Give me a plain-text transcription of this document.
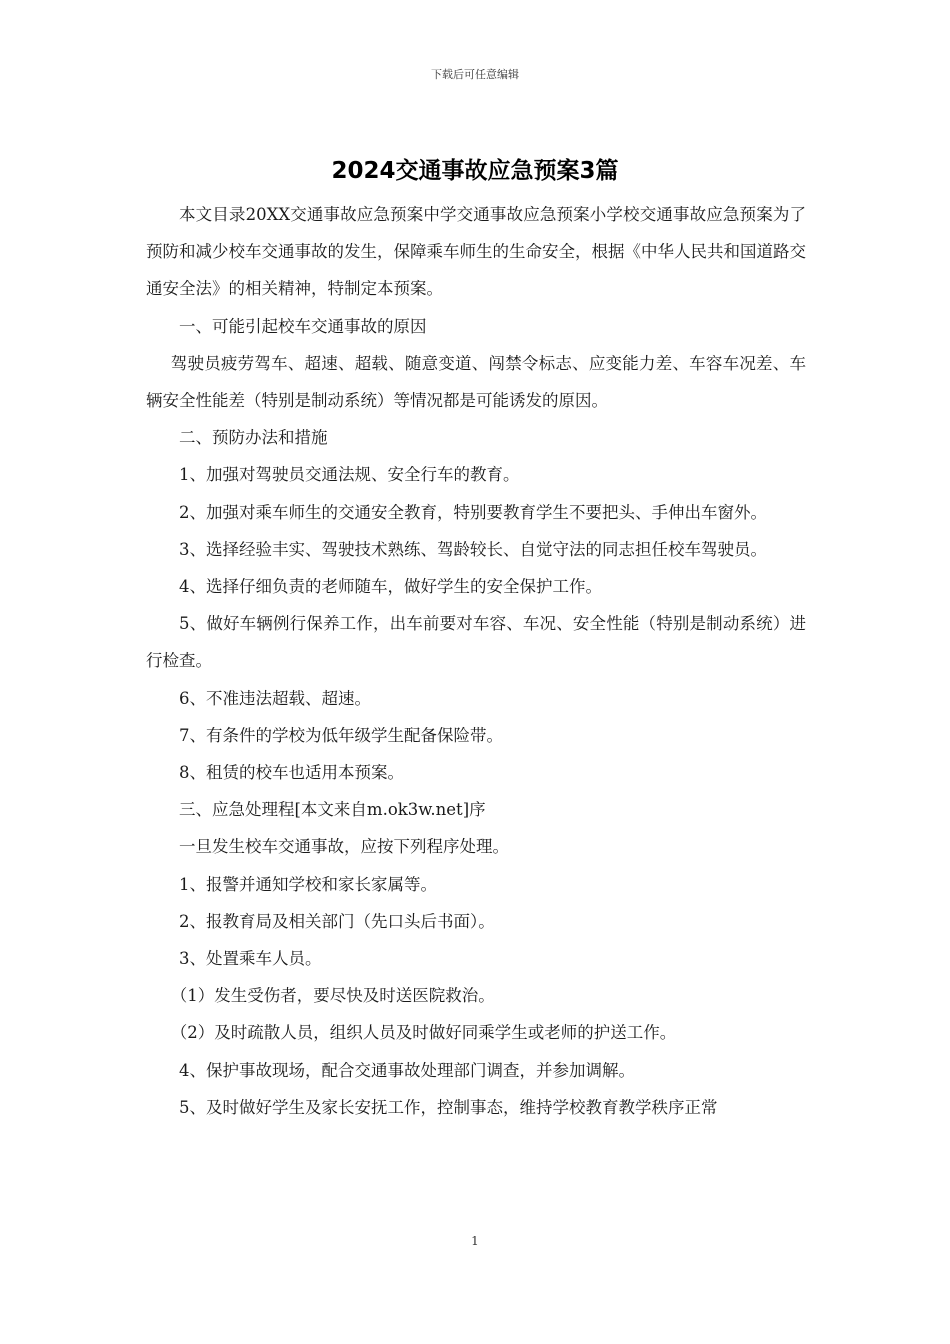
下载后可任意编辑
2024交通事故应急预案3篇

本文目录20XX交通事故应急预案中学交通事故应急预案小学校交通事故应急预案为了预防和减少校车交通事故的发生，保障乘车师生的生命安全，根据《中华人民共和国道路交通安全法》的相关精神，特制定本预案。

一、可能引起校车交通事故的原因

驾驶员疲劳驾车、超速、超载、随意变道、闯禁令标志、应变能力差、车容车况差、车辆安全性能差（特别是制动系统）等情况都是可能诱发的原因。

二、预防办法和措施

1、加强对驾驶员交通法规、安全行车的教育。

2、加强对乘车师生的交通安全教育，特别要教育学生不要把头、手伸出车窗外。

3、选择经验丰实、驾驶技术熟练、驾龄较长、自觉守法的同志担任校车驾驶员。

4、选择仔细负责的老师随车，做好学生的安全保护工作。

5、做好车辆例行保养工作，出车前要对车容、车况、安全性能（特别是制动系统）进行检查。

6、不准违法超载、超速。

7、有条件的学校为低年级学生配备保险带。

8、租赁的校车也适用本预案。

三、应急处理程[本文来自m.ok3w.net]序

一旦发生校车交通事故，应按下列程序处理。

1、报警并通知学校和家长家属等。

2、报教育局及相关部门（先口头后书面）。

3、处置乘车人员。

（1）发生受伤者，要尽快及时送医院救治。

（2）及时疏散人员，组织人员及时做好同乘学生或老师的护送工作。

4、保护事故现场，配合交通事故处理部门调查，并参加调解。

5、及时做好学生及家长安抚工作，控制事态，维持学校教育教学秩序正常

1
